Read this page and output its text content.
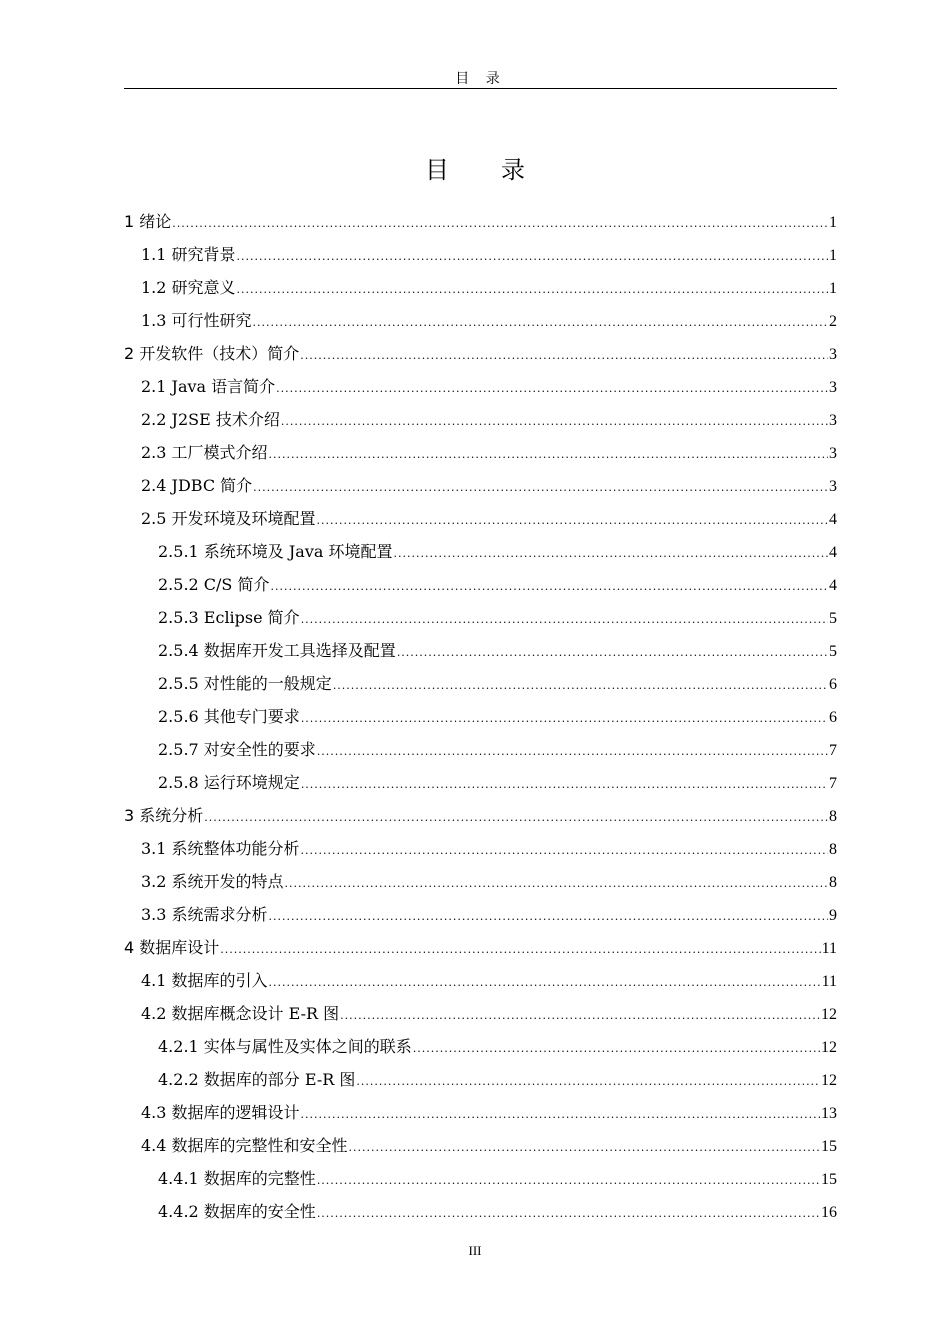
目 录
目录
1 绪论 .....	1
1.1 研究背景 .....	1
1.2 研究意义 .....	1
1.3 可行性研究 .....	2
2 开发软件（技术）简介 .....	3
2.1 Java 语言简介 .....	3
2.2 J2SE 技术介绍 .....	3
2.3 工厂模式介绍 .....	3
2.4 JDBC 简介 .....	3
2.5 开发环境及环境配置 .....	4
2.5.1 系统环境及 Java 环境配置 .....	4
2.5.2 C/S 简介 .....	4
2.5.3 Eclipse 简介 .....	5
2.5.4 数据库开发工具选择及配置 .....	5
2.5.5 对性能的一般规定 .....	6
2.5.6 其他专门要求 .....	6
2.5.7 对安全性的要求 .....	7
2.5.8 运行环境规定 .....	7
3 系统分析 .....	8
3.1 系统整体功能分析 .....	8
3.2 系统开发的特点 .....	8
3.3 系统需求分析 .....	9
4 数据库设计 .....	11
4.1 数据库的引入 .....	11
4.2 数据库概念设计 E-R 图 .....	12
4.2.1 实体与属性及实体之间的联系 .....	12
4.2.2 数据库的部分 E-R 图 .....	12
4.3 数据库的逻辑设计 .....	13
4.4 数据库的完整性和安全性 .....	15
4.4.1 数据库的完整性 .....	15
4.4.2 数据库的安全性 .....	16
III
